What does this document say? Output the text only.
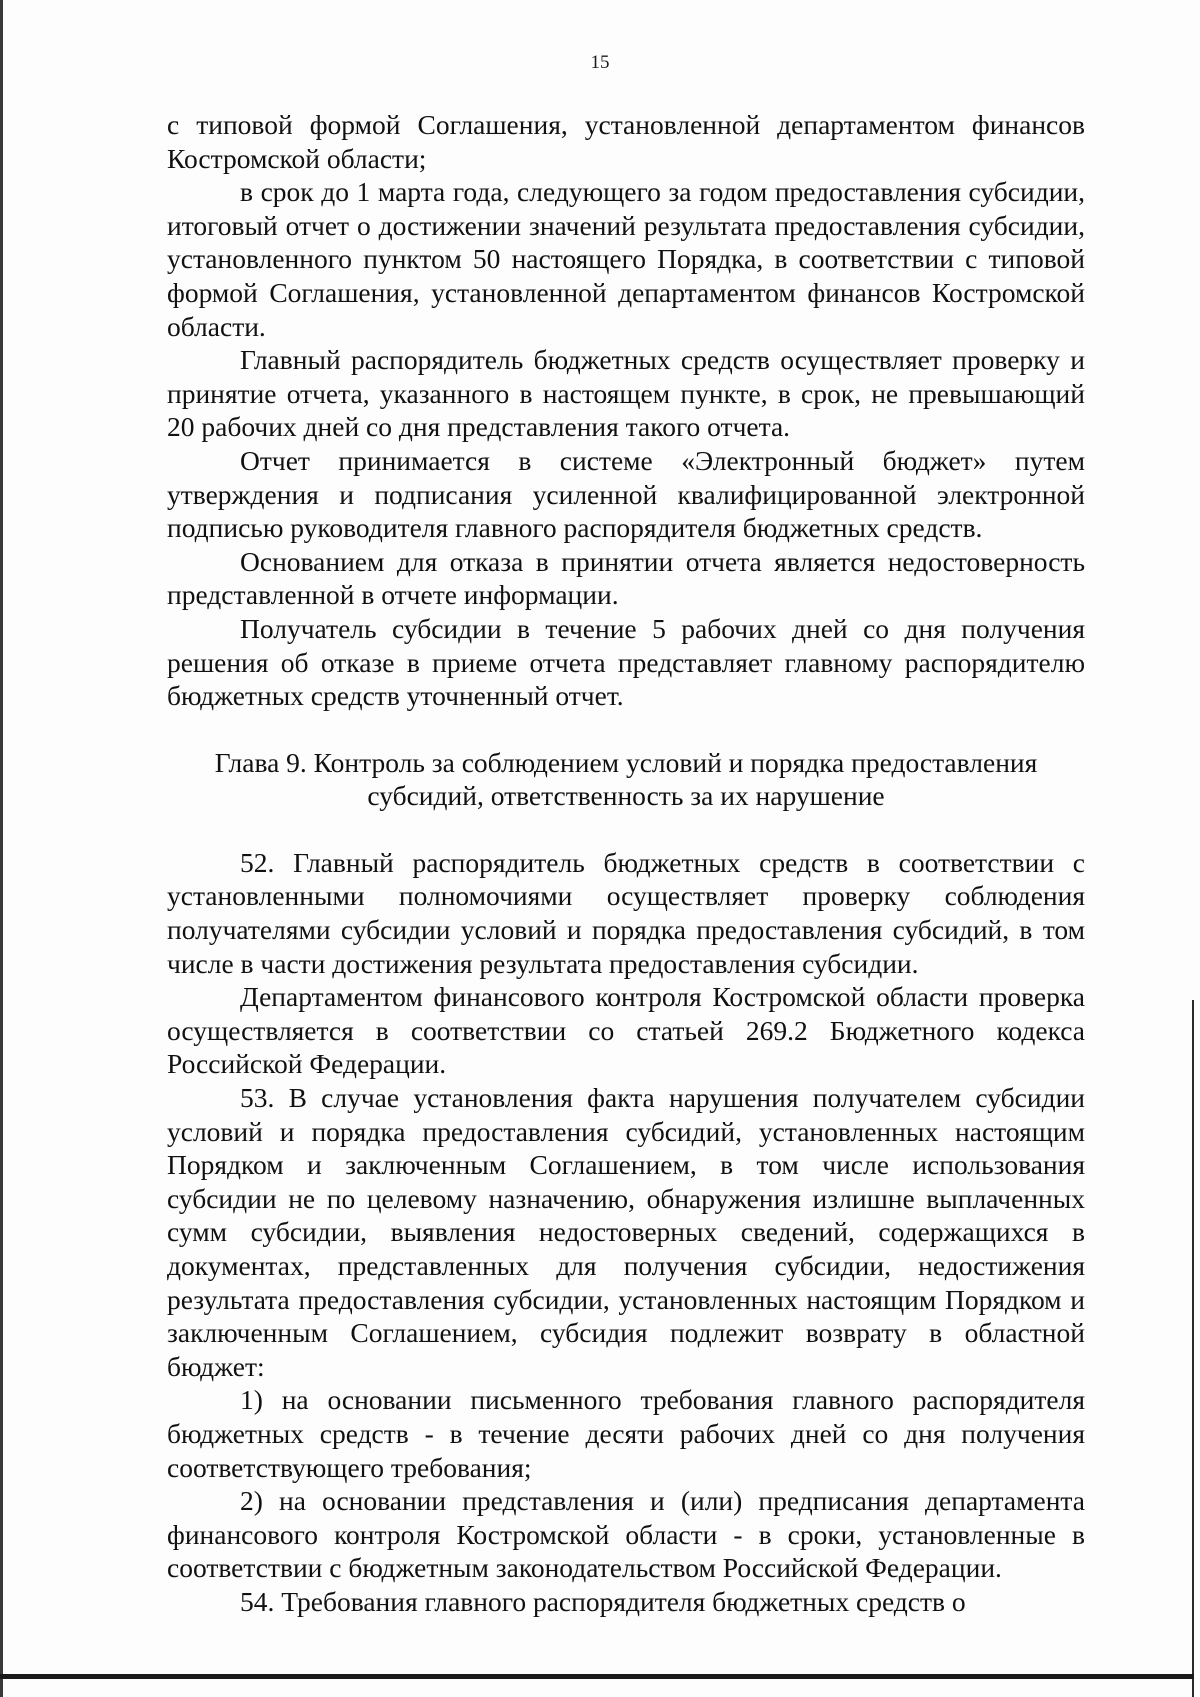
15

с типовой формой Соглашения, установленной департаментом финансов Костромской области;

в срок до 1 марта года, следующего за годом предоставления субсидии, итоговый отчет о достижении значений результата предоставления субсидии, установленного пунктом 50 настоящего Порядка, в соответствии с типовой формой Соглашения, установленной департаментом финансов Костромской области.

Главный распорядитель бюджетных средств осуществляет проверку и принятие отчета, указанного в настоящем пункте, в срок, не превышающий 20 рабочих дней со дня представления такого отчета.

Отчет принимается в системе «Электронный бюджет» путем утверждения и подписания усиленной квалифицированной электронной подписью руководителя главного распорядителя бюджетных средств.

Основанием для отказа в принятии отчета является недостоверность представленной в отчете информации.

Получатель субсидии в течение 5 рабочих дней со дня получения решения об отказе в приеме отчета представляет главному распорядителю бюджетных средств уточненный отчет.

Глава 9. Контроль за соблюдением условий и порядка предоставления субсидий, ответственность за их нарушение

52. Главный распорядитель бюджетных средств в соответствии с установленными полномочиями осуществляет проверку соблюдения получателями субсидии условий и порядка предоставления субсидий, в том числе в части достижения результата предоставления субсидии.

Департаментом финансового контроля Костромской области проверка осуществляется в соответствии со статьей 269.2 Бюджетного кодекса Российской Федерации.

53. В случае установления факта нарушения получателем субсидии условий и порядка предоставления субсидий, установленных настоящим Порядком и заключенным Соглашением, в том числе использования субсидии не по целевому назначению, обнаружения излишне выплаченных сумм субсидии, выявления недостоверных сведений, содержащихся в документах, представленных для получения субсидии, недостижения результата предоставления субсидии, установленных настоящим Порядком и заключенным Соглашением, субсидия подлежит возврату в областной бюджет:

1) на основании письменного требования главного распорядителя бюджетных средств - в течение десяти рабочих дней со дня получения соответствующего требования;

2) на основании представления и (или) предписания департамента финансового контроля Костромской области - в сроки, установленные в соответствии с бюджетным законодательством Российской Федерации.

54. Требования главного распорядителя бюджетных средств о
